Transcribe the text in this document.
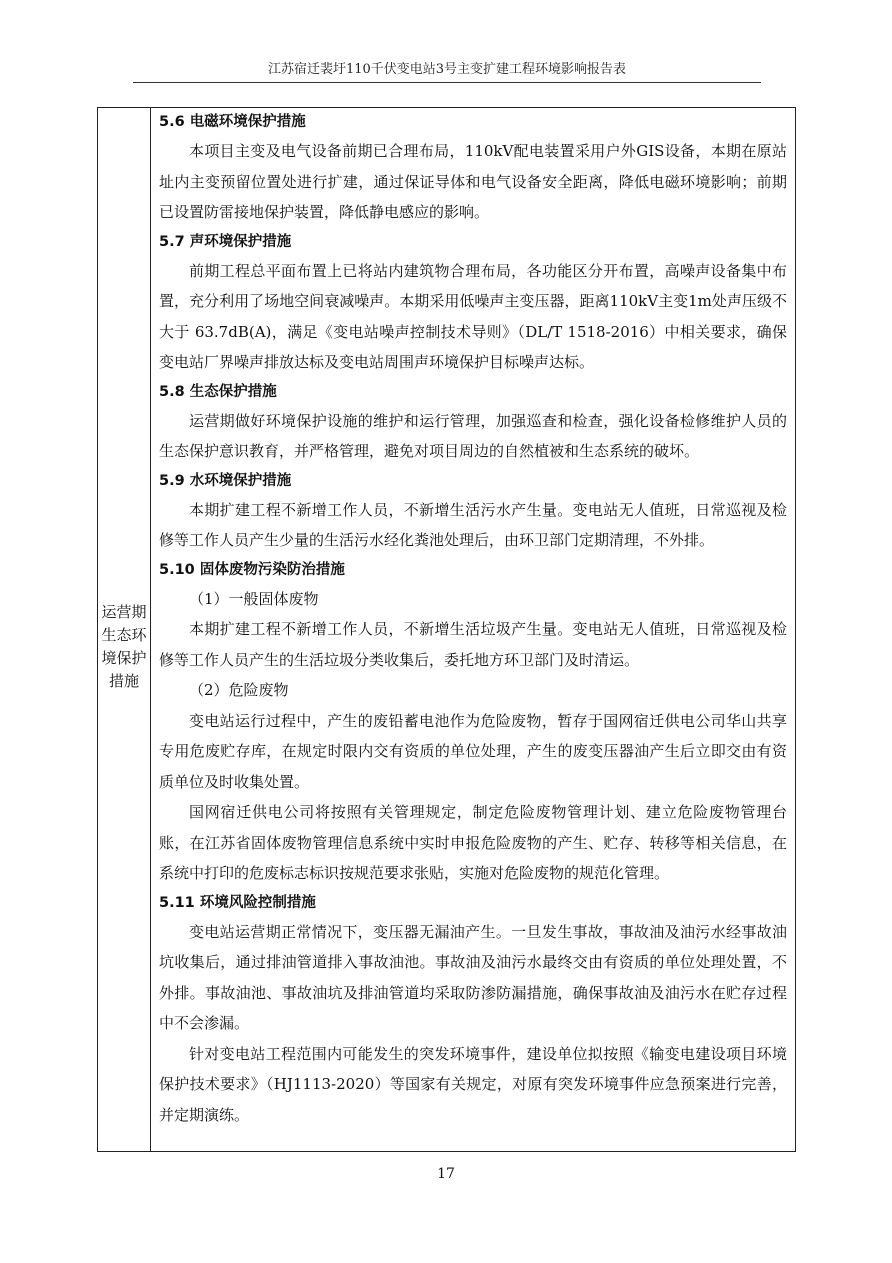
江苏宿迁裴圩110千伏变电站3号主变扩建工程环境影响报告表
运营期
生态环
境保护
措施
5.6 电磁环境保护措施

本项目主变及电气设备前期已合理布局，110kV配电装置采用户外GIS设备，本期在原站址内主变预留位置处进行扩建，通过保证导体和电气设备安全距离，降低电磁环境影响；前期已设置防雷接地保护装置，降低静电感应的影响。

5.7 声环境保护措施

前期工程总平面布置上已将站内建筑物合理布局，各功能区分开布置，高噪声设备集中布置，充分利用了场地空间衰减噪声。本期采用低噪声主变压器，距离110kV主变1m处声压级不大于 63.7dB(A)，满足《变电站噪声控制技术导则》（DL/T 1518-2016）中相关要求，确保变电站厂界噪声排放达标及变电站周围声环境保护目标噪声达标。

5.8 生态保护措施

运营期做好环境保护设施的维护和运行管理，加强巡查和检查，强化设备检修维护人员的生态保护意识教育，并严格管理，避免对项目周边的自然植被和生态系统的破坏。

5.9 水环境保护措施

本期扩建工程不新增工作人员，不新增生活污水产生量。变电站无人值班，日常巡视及检修等工作人员产生少量的生活污水经化粪池处理后，由环卫部门定期清理，不外排。

5.10 固体废物污染防治措施

（1）一般固体废物

本期扩建工程不新增工作人员，不新增生活垃圾产生量。变电站无人值班，日常巡视及检修等工作人员产生的生活垃圾分类收集后，委托地方环卫部门及时清运。

（2）危险废物

变电站运行过程中，产生的废铅蓄电池作为危险废物，暂存于国网宿迁供电公司华山共享专用危废贮存库，在规定时限内交有资质的单位处理，产生的废变压器油产生后立即交由有资质单位及时收集处置。

国网宿迁供电公司将按照有关管理规定，制定危险废物管理计划、建立危险废物管理台账，在江苏省固体废物管理信息系统中实时申报危险废物的产生、贮存、转移等相关信息，在系统中打印的危废标志标识按规范要求张贴，实施对危险废物的规范化管理。

5.11 环境风险控制措施

变电站运营期正常情况下，变压器无漏油产生。一旦发生事故，事故油及油污水经事故油坑收集后，通过排油管道排入事故油池。事故油及油污水最终交由有资质的单位处理处置，不外排。事故油池、事故油坑及排油管道均采取防渗防漏措施，确保事故油及油污水在贮存过程中不会渗漏。

针对变电站工程范围内可能发生的突发环境事件，建设单位拟按照《输变电建设项目环境保护技术要求》（HJ1113-2020）等国家有关规定，对原有突发环境事件应急预案进行完善，并定期演练。

17
